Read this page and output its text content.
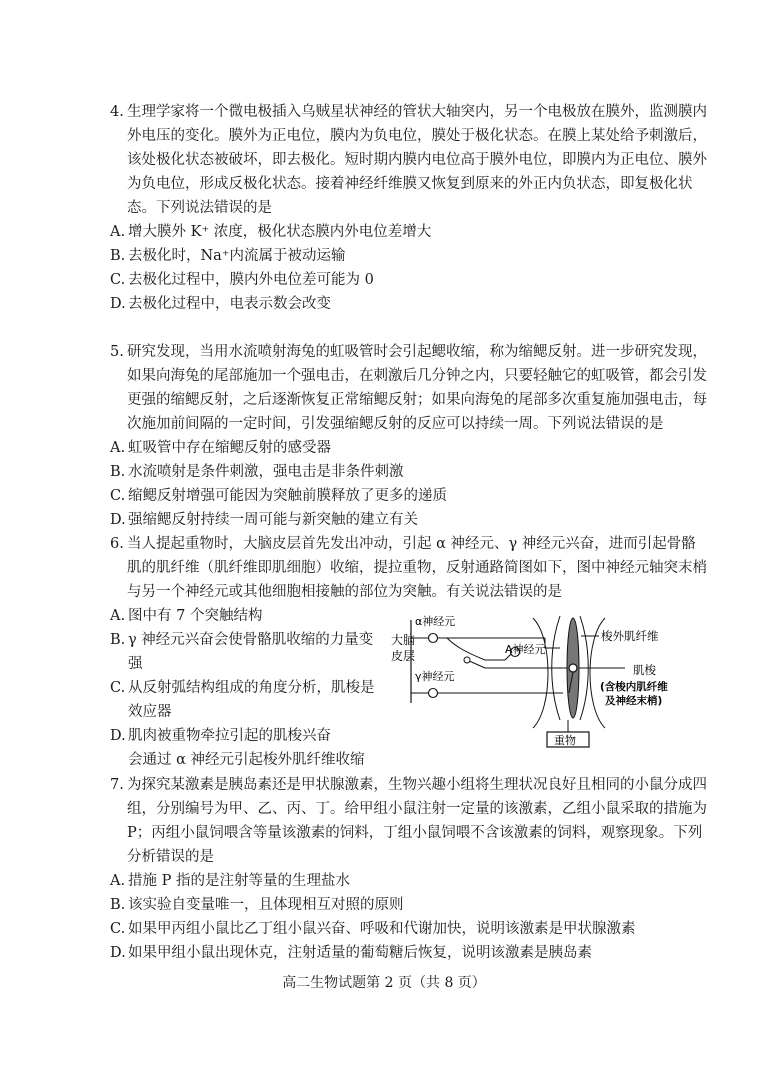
4. 生理学家将一个微电极插入乌贼星状神经的管状大轴突内，另一个电极放在膜外，监测膜内外电压的变化。膜外为正电位，膜内为负电位，膜处于极化状态。在膜上某处给予刺激后，该处极化状态被破坏，即去极化。短时期内膜内电位高于膜外电位，即膜内为正电位、膜外为负电位，形成反极化状态。接着神经纤维膜又恢复到原来的外正内负状态，即复极化状态。下列说法错误的是

A. 增大膜外 K⁺ 浓度，极化状态膜内外电位差增大

B. 去极化时，Na⁺内流属于被动运输

C. 去极化过程中，膜内外电位差可能为 0

D. 去极化过程中，电表示数会改变

5. 研究发现，当用水流喷射海兔的虹吸管时会引起鳃收缩，称为缩鳃反射。进一步研究发现，如果向海兔的尾部施加一个强电击，在刺激后几分钟之内，只要轻触它的虹吸管，都会引发更强的缩鳃反射，之后逐渐恢复正常缩鳃反射；如果向海兔的尾部多次重复施加强电击，每次施加前间隔的一定时间，引发强缩鳃反射的反应可以持续一周。下列说法错误的是

A. 虹吸管中存在缩鳃反射的感受器

B. 水流喷射是条件刺激，强电击是非条件刺激

C. 缩鳃反射增强可能因为突触前膜释放了更多的递质

D. 强缩鳃反射持续一周可能与新突触的建立有关

6. 当人提起重物时，大脑皮层首先发出冲动，引起 α 神经元、γ 神经元兴奋，进而引起骨骼肌的肌纤维（肌纤维即肌细胞）收缩，提拉重物，反射通路简图如下，图中神经元轴突末梢与另一个神经元或其他细胞相接触的部位为突触。有关说法错误的是

A. 图中有 7 个突触结构

B. γ 神经元兴奋会使骨骼肌收缩的力量变强

C. 从反射弧结构组成的角度分析，肌梭是效应器

D. 肌肉被重物牵拉引起的肌梭兴奋

会通过 α 神经元引起梭外肌纤维收缩

大脑
皮层
α神经元
A神经元
γ神经元
重物
梭外肌纤维
肌梭
(含梭内肌纤维
及神经末梢)

7. 为探究某激素是胰岛素还是甲状腺激素，生物兴趣小组将生理状况良好且相同的小鼠分成四组，分别编号为甲、乙、丙、丁。给甲组小鼠注射一定量的该激素，乙组小鼠采取的措施为 P；丙组小鼠饲喂含等量该激素的饲料，丁组小鼠饲喂不含该激素的饲料，观察现象。下列分析错误的是

A. 措施 P 指的是注射等量的生理盐水

B. 该实验自变量唯一，且体现相互对照的原则

C. 如果甲丙组小鼠比乙丁组小鼠兴奋、呼吸和代谢加快，说明该激素是甲状腺激素

D. 如果甲组小鼠出现休克，注射适量的葡萄糖后恢复，说明该激素是胰岛素

高二生物试题第 2 页（共 8 页）
